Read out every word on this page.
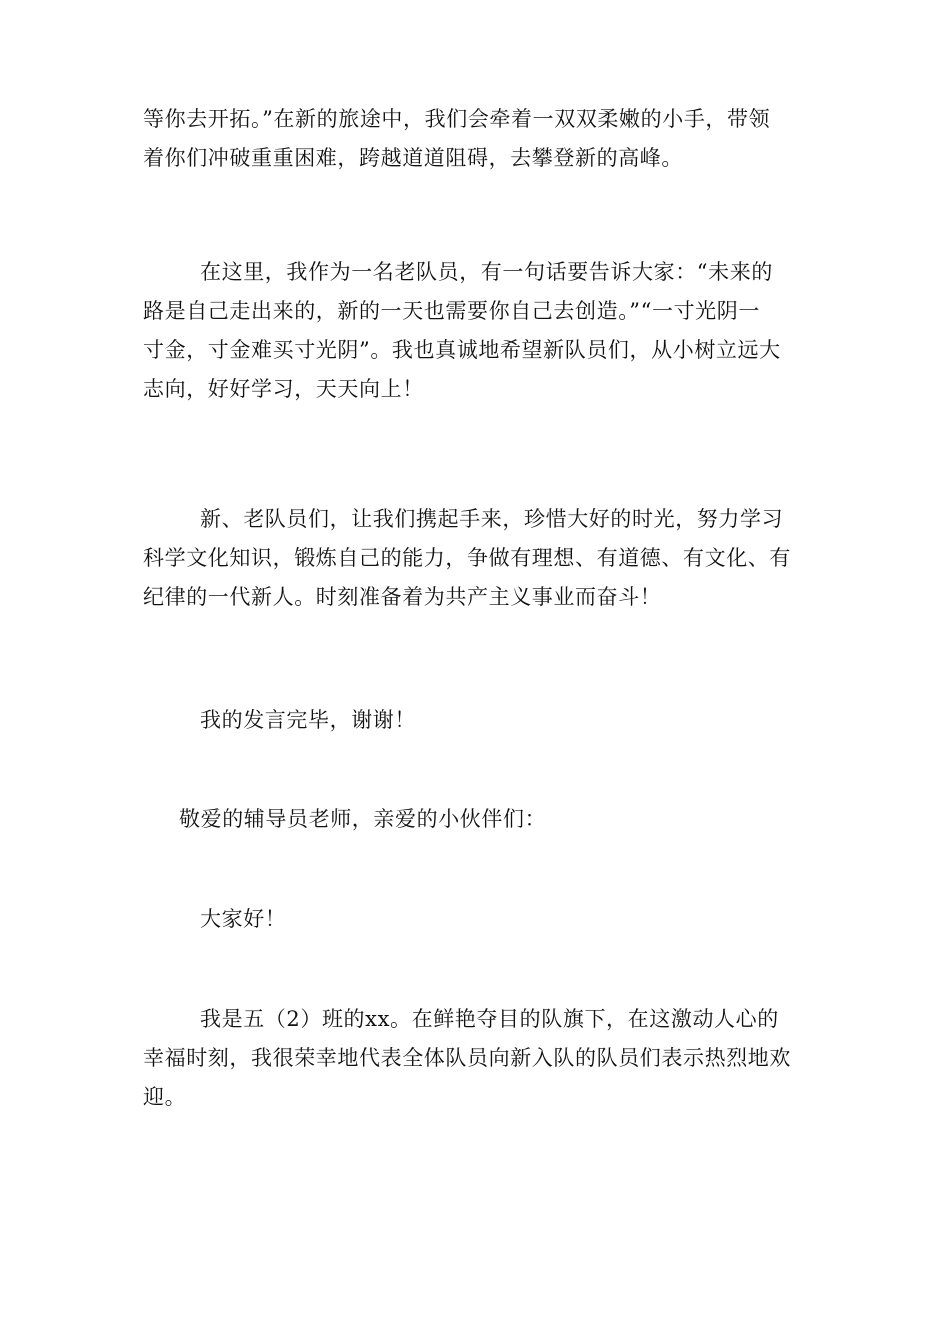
等你去开拓。”在新的旅途中，我们会牵着一双双柔嫩的小手，带领
着你们冲破重重困难，跨越道道阻碍，去攀登新的高峰。
在这里，我作为一名老队员，有一句话要告诉大家：“未来的
路是自己走出来的，新的一天也需要你自己去创造。”“一寸光阴一
寸金，寸金难买寸光阴”。我也真诚地希望新队员们，从小树立远大
志向，好好学习，天天向上！
新、老队员们，让我们携起手来，珍惜大好的时光，努力学习
科学文化知识，锻炼自己的能力，争做有理想、有道德、有文化、有
纪律的一代新人。时刻准备着为共产主义事业而奋斗！
我的发言完毕，谢谢！
敬爱的辅导员老师，亲爱的小伙伴们：
大家好！
我是五（2）班的xx。在鲜艳夺目的队旗下，在这激动人心的
幸福时刻，我很荣幸地代表全体队员向新入队的队员们表示热烈地欢
迎。
